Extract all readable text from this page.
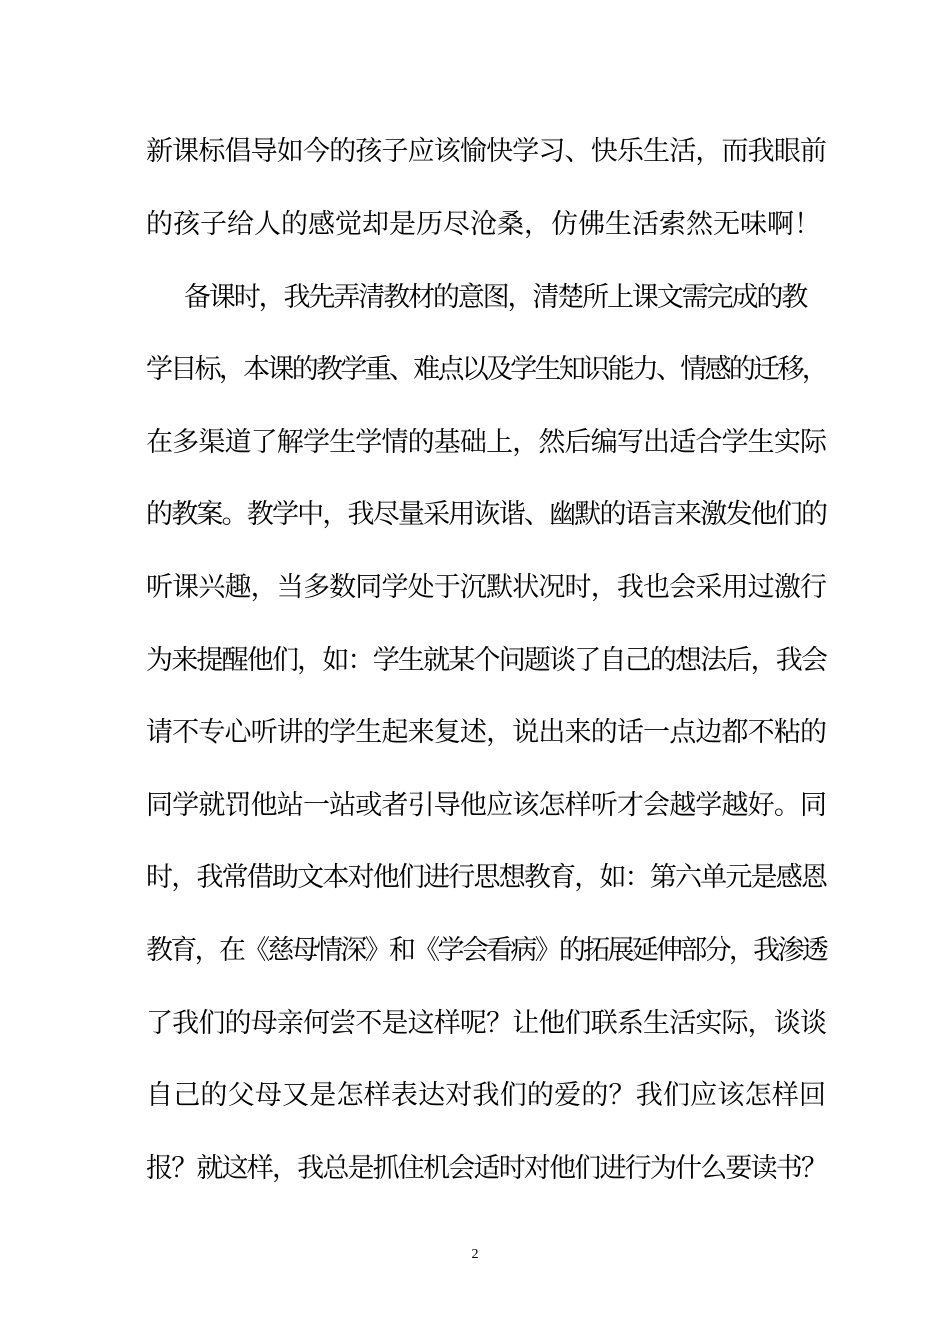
新课标倡导如今的孩子应该愉快学习、快乐生活，而我眼前
的孩子给人的感觉却是历尽沧桑，仿佛生活索然无味啊！
备课时，我先弄清教材的意图，清楚所上课文需完成的教
学目标，本课的教学重、难点以及学生知识能力、情感的迁移，
在多渠道了解学生学情的基础上，然后编写出适合学生实际
的教案。教学中，我尽量采用诙谐、幽默的语言来激发他们的
听课兴趣，当多数同学处于沉默状况时，我也会采用过激行
为来提醒他们，如：学生就某个问题谈了自己的想法后，我会
请不专心听讲的学生起来复述，说出来的话一点边都不粘的
同学就罚他站一站或者引导他应该怎样听才会越学越好。同
时，我常借助文本对他们进行思想教育，如：第六单元是感恩
教育，在《慈母情深》和《学会看病》的拓展延伸部分，我渗透
了我们的母亲何尝不是这样呢？让他们联系生活实际，谈谈
自己的父母又是怎样表达对我们的爱的？我们应该怎样回
报？就这样，我总是抓住机会适时对他们进行为什么要读书？
2
